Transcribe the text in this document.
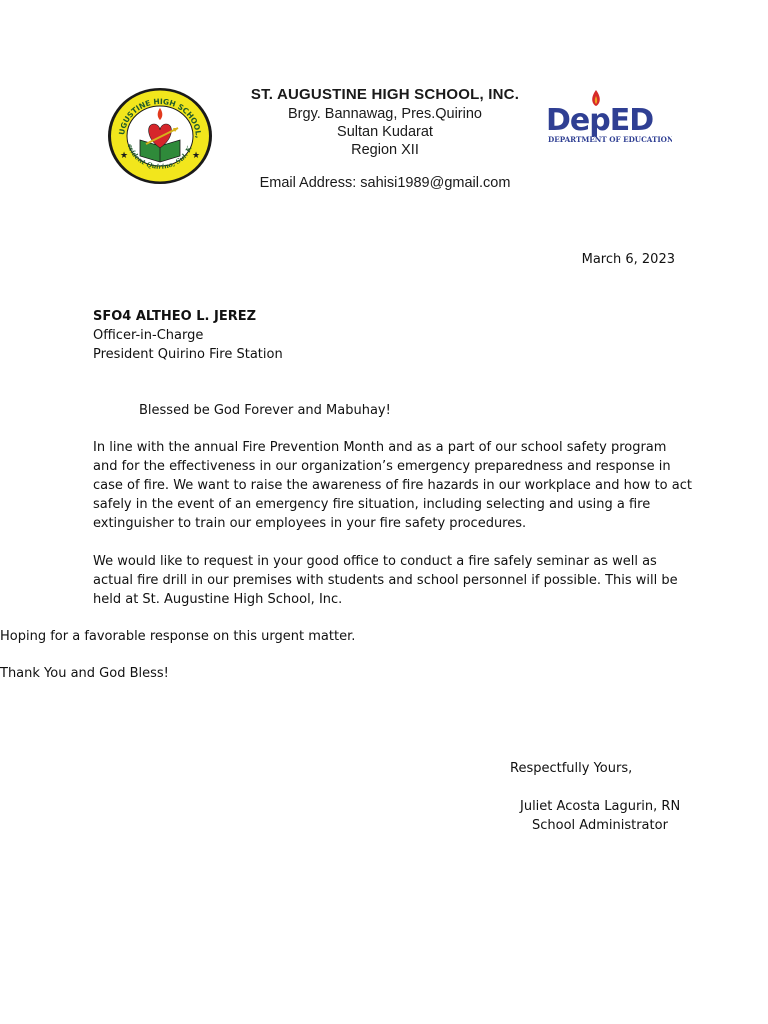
UGUSTINE HIGH SCHOOL,
esident Quirino, Sul. K
★	★
ST. AUGUSTINE HIGH SCHOOL, INC.
Brgy. Bannawag, Pres.Quirino
Sultan Kudarat
Region XII
Email Address: sahisi1989@gmail.com
DepED
DEPARTMENT OF EDUCATION
March 6, 2023
SFO4 ALTHEO L. JEREZ
Officer-in-Charge
President Quirino Fire Station
Blessed be God Forever and Mabuhay!
In line with the annual Fire Prevention Month and as a part of our school safety program
and for the effectiveness in our organization’s emergency preparedness and response in
case of fire. We want to raise the awareness of fire hazards in our workplace and how to act
safely in the event of an emergency fire situation, including selecting and using a fire
extinguisher to train our employees in your fire safety procedures.
We would like to request in your good office to conduct a fire safely seminar as well as
actual fire drill in our premises with students and school personnel if possible. This will be
held at St. Augustine High School, Inc.
Hoping for a favorable response on this urgent matter.
Thank You and God Bless!
Respectfully Yours,
Juliet Acosta Lagurin, RN
School Administrator
